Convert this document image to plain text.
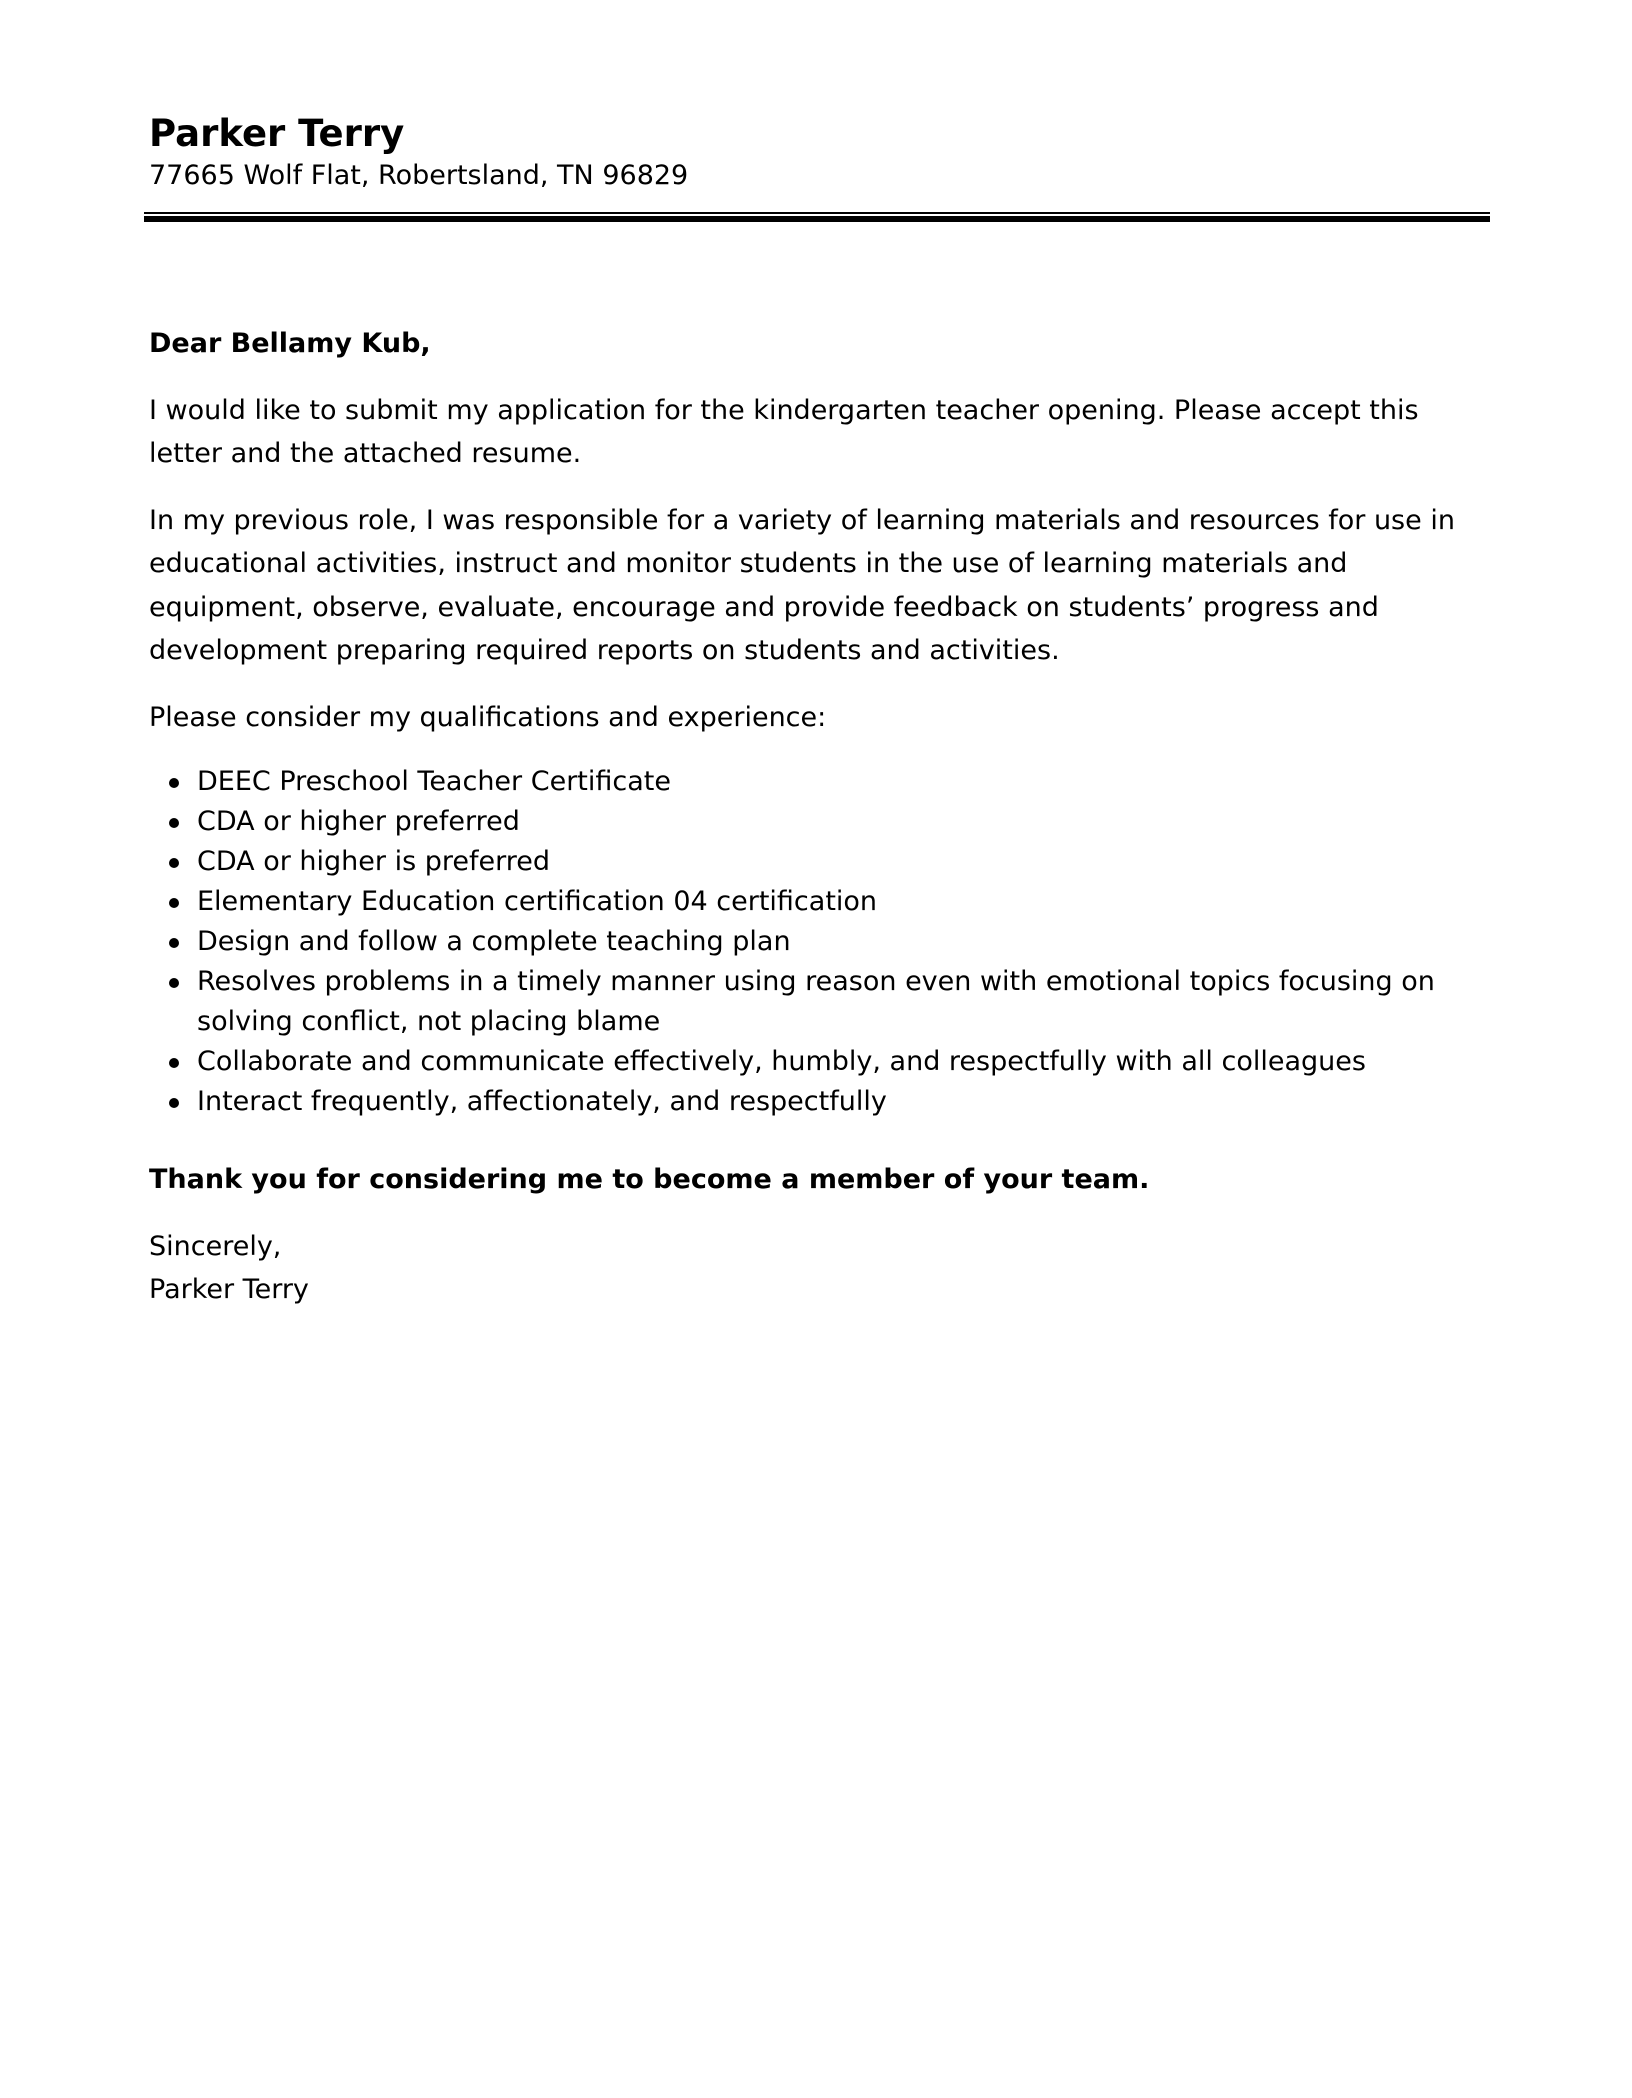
Parker Terry

77665 Wolf Flat, Robertsland, TN 96829

Dear Bellamy Kub,

I would like to submit my application for the kindergarten teacher opening. Please accept this letter and the attached resume.

In my previous role, I was responsible for a variety of learning materials and resources for use in educational activities, instruct and monitor students in the use of learning materials and equipment, observe, evaluate, encourage and provide feedback on students’ progress and development preparing required reports on students and activities.

Please consider my qualifications and experience:

DEEC Preschool Teacher Certificate
CDA or higher preferred
CDA or higher is preferred
Elementary Education certification 04 certification
Design and follow a complete teaching plan
Resolves problems in a timely manner using reason even with emotional topics focusing on solving conflict, not placing blame
Collaborate and communicate effectively, humbly, and respectfully with all colleagues
Interact frequently, affectionately, and respectfully

Thank you for considering me to become a member of your team.

Sincerely,

Parker Terry
